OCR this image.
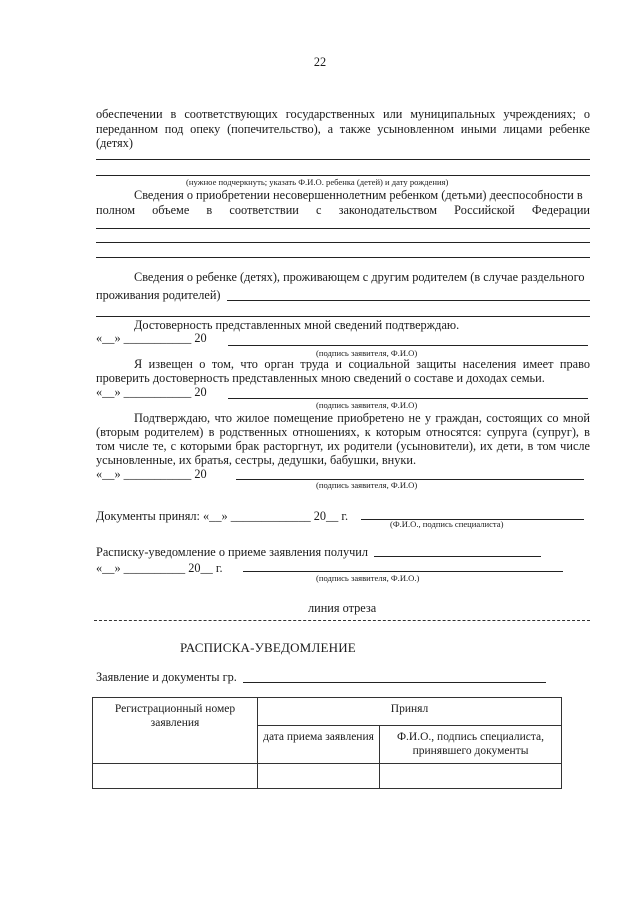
22
обеспечении в соответствующих государственных или муниципальных учреждениях; о
переданном под опеку (попечительство), а также усыновленном иными лицами ребенке
(детях)
(нужное подчеркнуть; указать Ф.И.О. ребенка (детей) и дату рождения)
Сведения о приобретении несовершеннолетним ребенком (детьми) дееспособности в
полном объеме в соответствии с законодательством Российской Федерации
Сведения о ребенке (детях), проживающем с другим родителем (в случае раздельного
проживания родителей)
Достоверность представленных мной сведений подтверждаю.
«__» ___________ 20
(подпись заявителя, Ф.И.О)
Я извещен о том, что орган труда и социальной защиты населения имеет право
проверить достоверность представленных мною сведений о составе и доходах семьи.
«__» ___________ 20
(подпись заявителя, Ф.И.О)
Подтверждаю, что жилое помещение приобретено не у граждан, состоящих со мной
(вторым родителем) в родственных отношениях, к которым относятся: супруга (супруг), в
том числе те, с которыми брак расторгнут, их родители (усыновители), их дети, в том числе
усыновленные, их братья, сестры, дедушки, бабушки, внуки.
«__» ___________ 20
(подпись заявителя, Ф.И.О)
Документы принял: «__» _____________ 20__ г.
(Ф.И.О., подпись специалиста)
Расписку-уведомление о приеме заявления получил
«__» __________ 20__ г.
(подпись заявителя, Ф.И.О.)
линия отреза
РАСПИСКА-УВЕДОМЛЕНИЕ
Заявление и документы гр.
Регистрационный номер заявления	Принял	
	дата приема заявления	Ф.И.О., подпись специалиста, принявшего документы
